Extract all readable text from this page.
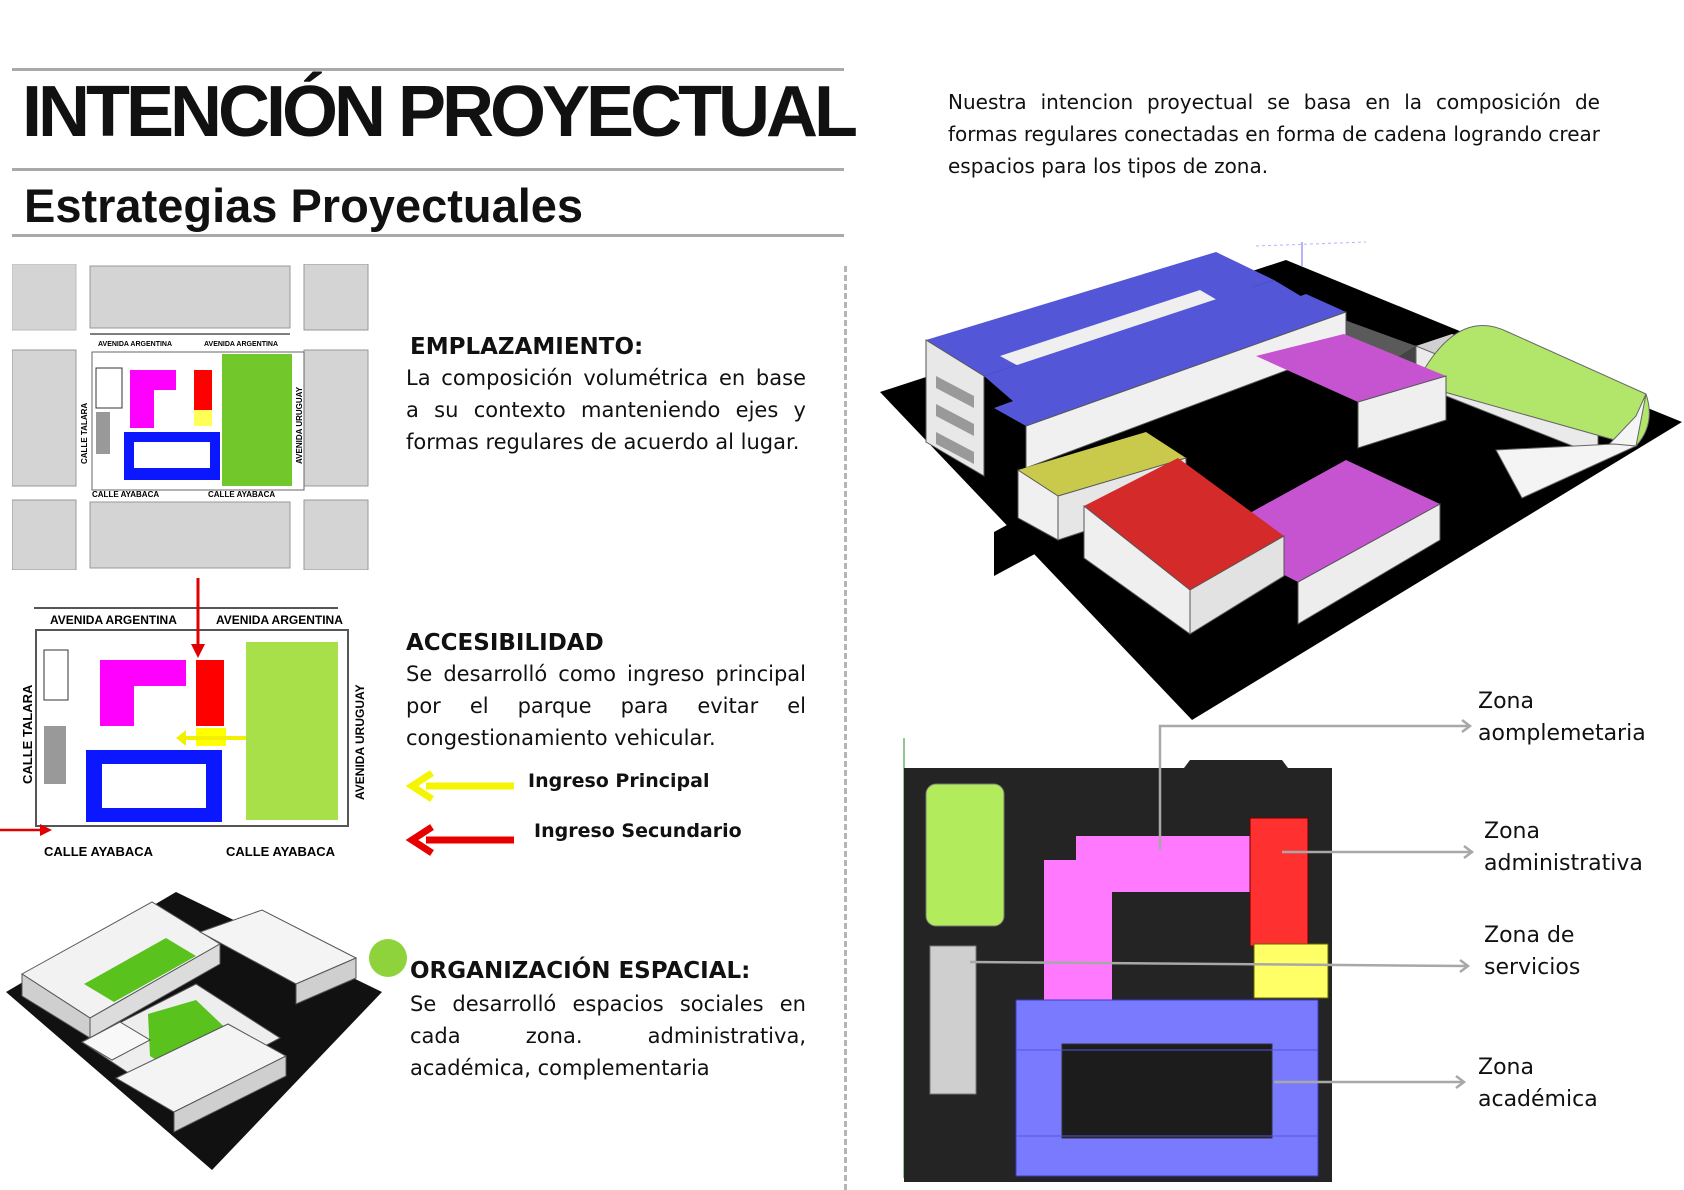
INTENCIÓN PROYECTUAL
Estrategias Proyectuales
Nuestra intencion proyectual se basa en la composición de formas regulares conectadas en forma de cadena logrando crear espacios para los tipos de zona.
AVENIDA ARGENTINA	AVENIDA ARGENTINA
CALLE AYABACA	CALLE AYABACA
CALLE TALARA	AVENIDA URUGUAY
EMPLAZAMIENTO:
La composición volumétrica en base a su contexto manteniendo ejes y formas regulares de acuerdo al lugar.
AVENIDA ARGENTINA	AVENIDA ARGENTINA
CALLE AYABACA	CALLE AYABACA
CALLE TALARA	AVENIDA URUGUAY
ACCESIBILIDAD
Se desarrolló como ingreso principal por el parque para evitar el congestionamiento vehicular.
Ingreso Principal
Ingreso Secundario
ORGANIZACIÓN ESPACIAL:
Se desarrolló espacios sociales en cada zona. administrativa, académica, complementaria
Zona aomplemetaria
Zona administrativa
Zona de servicios
Zona académica
